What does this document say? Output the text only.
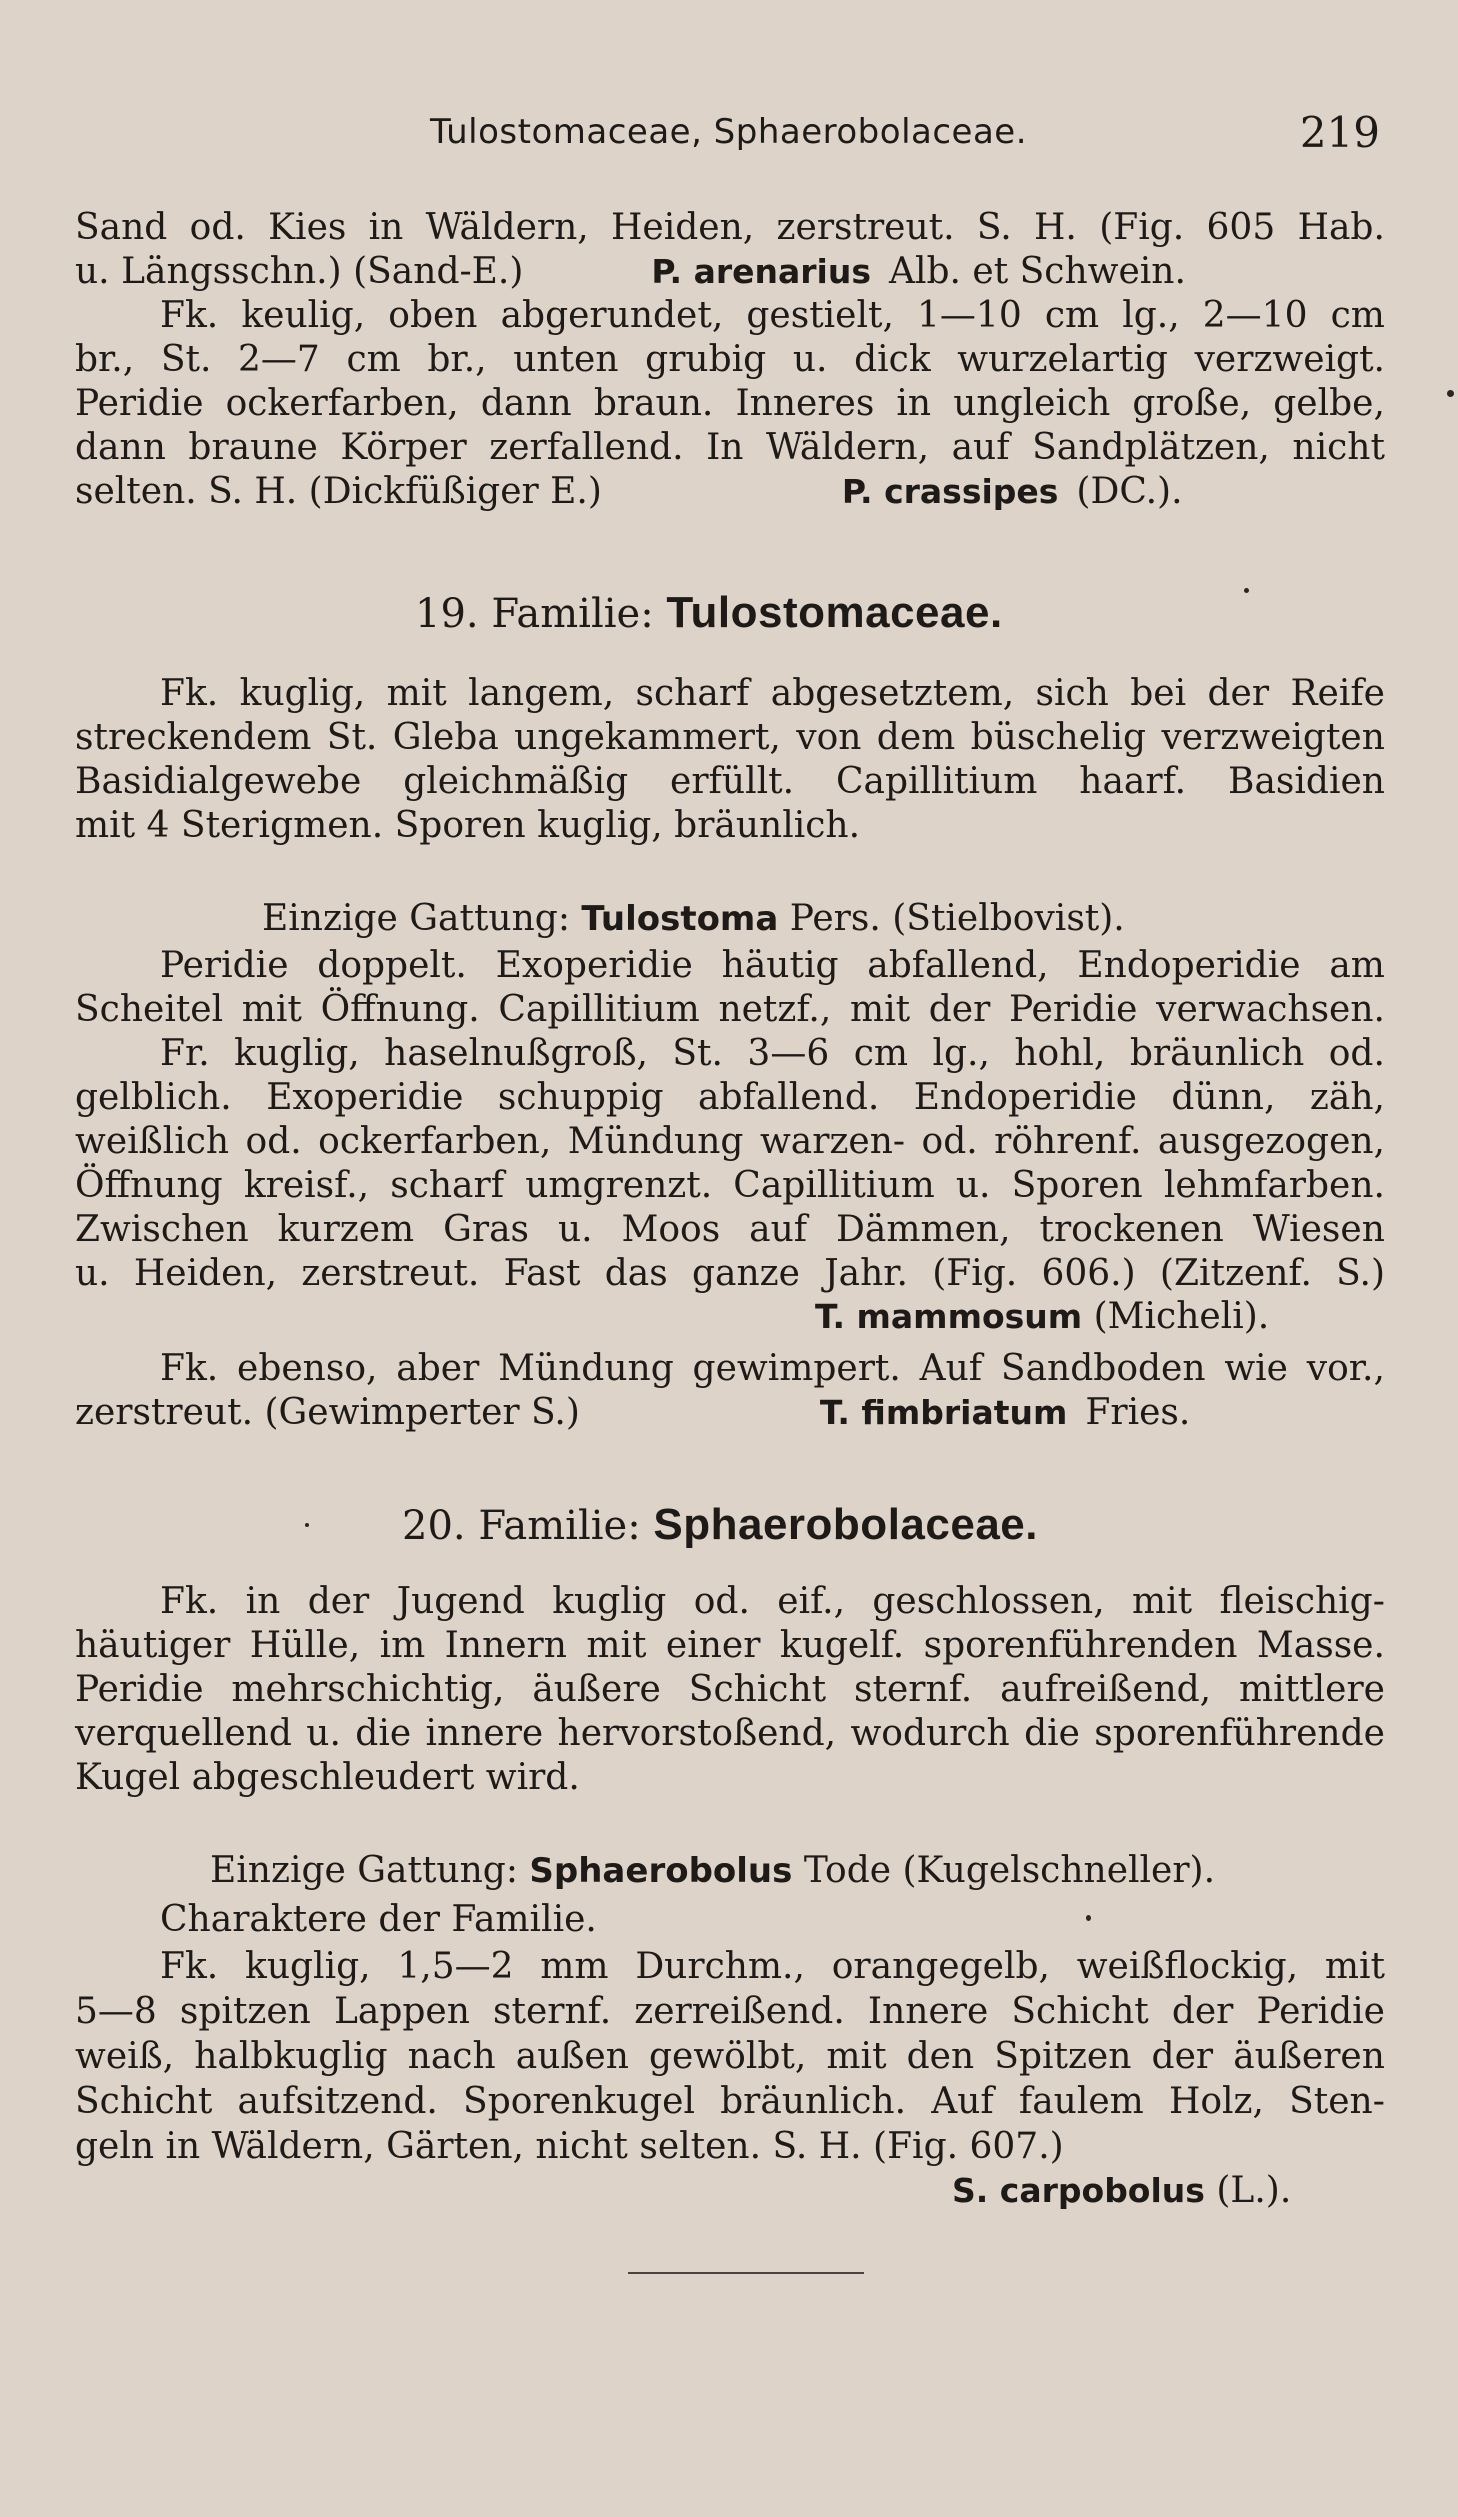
Tulostomaceae, Sphaerobolaceae.	219
Sand od. Kies in Wäldern, Heiden, zerstreut. S. H. (Fig. 605 Hab.
u. Längsschn.) (Sand-E.)	P. arenarius Alb. et Schwein.
Fk. keulig, oben abgerundet, gestielt, 1—10 cm lg., 2—10 cm
br., St. 2—7 cm br., unten grubig u. dick wurzelartig verzweigt.
Peridie ockerfarben, dann braun. Inneres in ungleich große, gelbe,
dann braune Körper zerfallend. In Wäldern, auf Sandplätzen, nicht
selten. S. H. (Dickfüßiger E.)	P. crassipes (DC.).
19. Familie: Tulostomaceae.
Fk. kuglig, mit langem, scharf abgesetztem, sich bei der Reife
streckendem St. Gleba ungekammert, von dem büschelig verzweigten
Basidialgewebe gleichmäßig erfüllt. Capillitium haarf. Basidien
mit 4 Sterigmen. Sporen kuglig, bräunlich.
Einzige Gattung: Tulostoma Pers. (Stielbovist).
Peridie doppelt. Exoperidie häutig abfallend, Endoperidie am
Scheitel mit Öffnung. Capillitium netzf., mit der Peridie verwachsen.
Fr. kuglig, haselnußgroß, St. 3—6 cm lg., hohl, bräunlich od.
gelblich. Exoperidie schuppig abfallend. Endoperidie dünn, zäh,
weißlich od. ockerfarben, Mündung warzen- od. röhrenf. ausgezogen,
Öffnung kreisf., scharf umgrenzt. Capillitium u. Sporen lehmfarben.
Zwischen kurzem Gras u. Moos auf Dämmen, trockenen Wiesen
u. Heiden, zerstreut. Fast das ganze Jahr. (Fig. 606.) (Zitzenf. S.)
T. mammosum (Micheli).
Fk. ebenso, aber Mündung gewimpert. Auf Sandboden wie vor.,
zerstreut. (Gewimperter S.)	T. fimbriatum Fries.
20. Familie: Sphaerobolaceae.
Fk. in der Jugend kuglig od. eif., geschlossen, mit fleischig-
häutiger Hülle, im Innern mit einer kugelf. sporenführenden Masse.
Peridie mehrschichtig, äußere Schicht sternf. aufreißend, mittlere
verquellend u. die innere hervorstoßend, wodurch die sporenführende
Kugel abgeschleudert wird.
Einzige Gattung: Sphaerobolus Tode (Kugelschneller).
Charaktere der Familie.
Fk. kuglig, 1,5—2 mm Durchm., orangegelb, weißflockig, mit
5—8 spitzen Lappen sternf. zerreißend. Innere Schicht der Peridie
weiß, halbkuglig nach außen gewölbt, mit den Spitzen der äußeren
Schicht aufsitzend. Sporenkugel bräunlich. Auf faulem Holz, Sten-
geln in Wäldern, Gärten, nicht selten. S. H. (Fig. 607.)
S. carpobolus (L.).
